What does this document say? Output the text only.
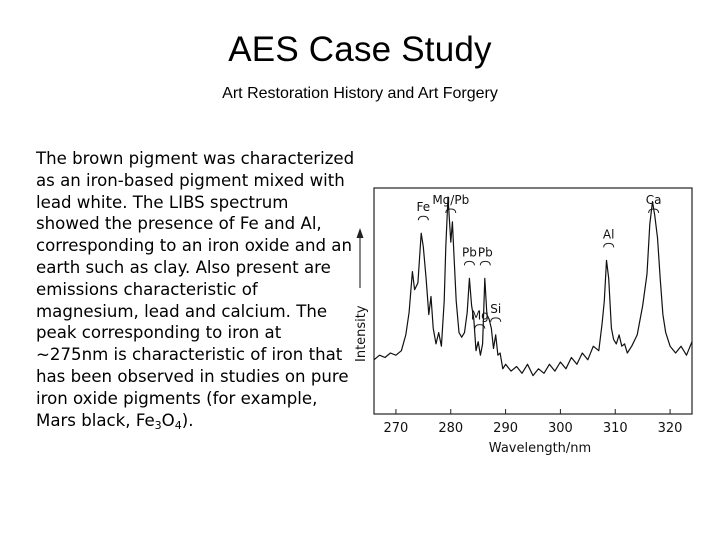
AES Case Study
Art Restoration History and Art Forgery
The brown pigment was characterized as an iron-based pigment mixed with lead white. The LIBS spectrum showed the presence of Fe and Al, corresponding to an iron oxide and an earth such as clay. Also present are emissions characteristic of magnesium, lead and calcium. The peak corresponding to iron at ~275nm is characteristic of iron that has been observed in studies on pure iron oxide pigments (for example, Mars black, $Fe_3O_4$).
Intensity
Wavelength/nm
270 280 290 300 310 320
Fe
Mg/Pb
Pb
Mg
Pb
Si
Al
Ca
